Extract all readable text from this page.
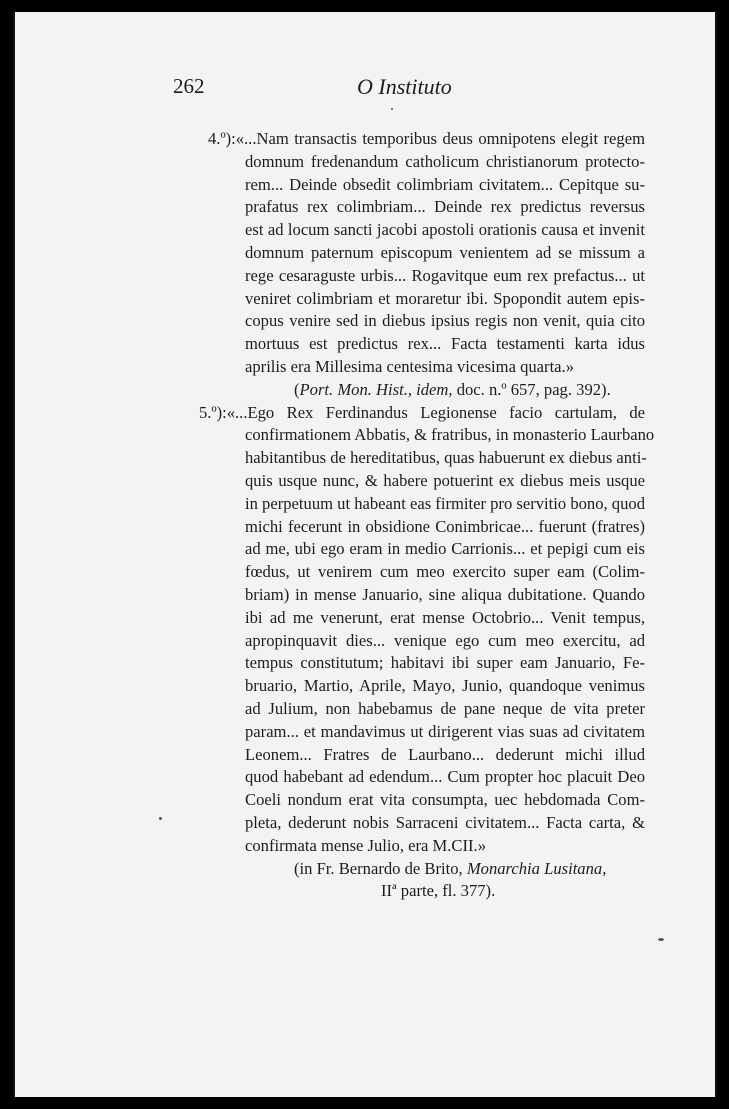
262	O Instituto
4.º):«...Nam transactis temporibus deus omnipotens elegit regem
domnum fredenandum catholicum christianorum protecto-
rem... Deinde obsedit colimbriam civitatem... Cepitque su-
prafatus rex colimbriam... Deinde rex predictus reversus
est ad locum sancti jacobi apostoli orationis causa et invenit
domnum paternum episcopum venientem ad se missum a
rege cesaraguste urbis... Rogavitque eum rex prefactus... ut
veniret colimbriam et moraretur ibi. Spopondit autem epis-
copus venire sed in diebus ipsius regis non venit, quia cito
mortuus est predictus rex... Facta testamenti karta idus
aprilis era Millesima centesima vicesima quarta.»
(Port. Mon. Hist., idem, doc. n.º 657, pag. 392).
5.º):«...Ego Rex Ferdinandus Legionense facio cartulam, de
confirmationem Abbatis, & fratribus, in monasterio Laurbano
habitantibus de hereditatibus, quas habuerunt ex diebus anti-
quis usque nunc, & habere potuerint ex diebus meis usque
in perpetuum ut habeant eas firmiter pro servitio bono, quod
michi fecerunt in obsidione Conimbricae... fuerunt (fratres)
ad me, ubi ego eram in medio Carrionis... et pepigi cum eis
fœdus, ut venirem cum meo exercito super eam (Colim-
briam) in mense Januario, sine aliqua dubitatione. Quando
ibi ad me venerunt, erat mense Octobrio... Venit tempus,
apropinquavit dies... venique ego cum meo exercitu, ad
tempus constitutum; habitavi ibi super eam Januario, Fe-
bruario, Martio, Aprile, Mayo, Junio, quandoque venimus
ad Julium, non habebamus de pane neque de vita preter
param... et mandavimus ut dirigerent vias suas ad civitatem
Leonem... Fratres de Laurbano... dederunt michi illud
quod habebant ad edendum... Cum propter hoc placuit Deo
Coeli nondum erat vita consumpta, uec hebdomada Com-
pleta, dederunt nobis Sarraceni civitatem... Facta carta, &
confirmata mense Julio, era M.CII.»
(in Fr. Bernardo de Brito, Monarchia Lusitana,
IIª parte, fl. 377).
